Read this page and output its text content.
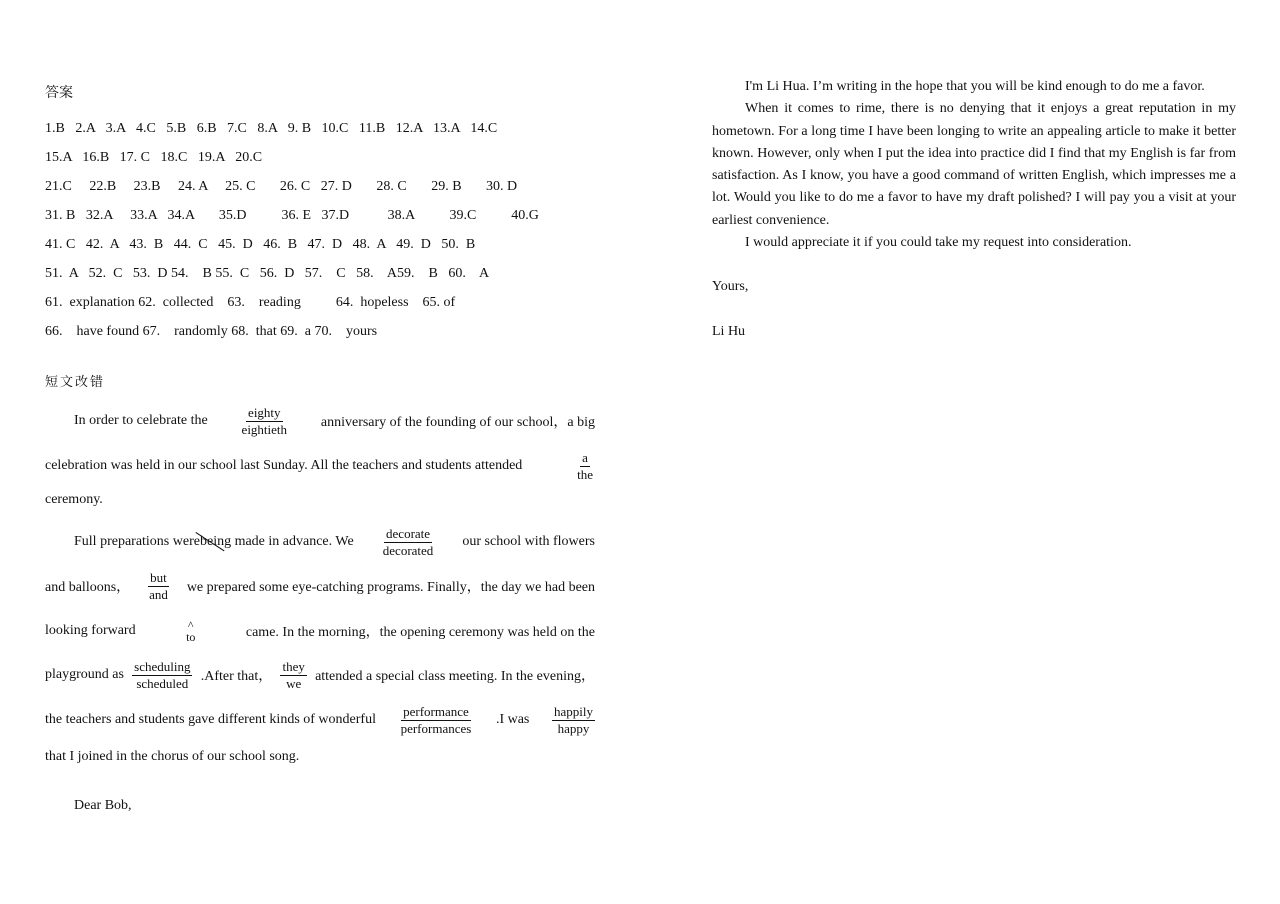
答案
1.B   2.A   3.A   4.C   5.B   6.B   7.C   8.A   9. B   10.C   11.B   12.A   13.A   14.C
15.A   16.B   17. C   18.C   19.A   20.C
21.C     22.B     23.B     24. A     25. C       26. C   27. D       28. C       29. B       30. D
31. B   32.A     33.A   34.A       35.D          36. E   37.D           38.A          39.C          40.G
41. C   42.  A   43.  B   44.  C   45.  D   46.  B   47.  D   48.  A   49.  D   50.  B
51.  A   52.  C   53.  D 54.    B 55.  C   56.  D   57.    C   58.    A59.    B   60.    A
61.  explanation 62.  collected    63.    reading          64.  hopeless    65. of
66.    have found 67.    randomly 68.  that 69.  a 70.    yours
短文改错
In order to celebrate the $\frac{\text{eighty}}{\text{eightieth}}$ anniversary of the founding of our school，a big
celebration was held in our school last Sunday. All the teachers and students attended	$\frac{a}{\text{the}}$
ceremony.
Full preparations werebeing made in advance. We $\frac{\text{decorate}}{\text{decorated}}$ our school with flowers
and balloons， $\frac{\text{but}}{\text{and}}$ we prepared some eye-catching programs. Finally，the day we had been
looking forward	^
to	came. In the morning，the opening ceremony was held on the
playground as $\frac{\text{scheduling}}{\text{scheduled}}$ .After that， $\frac{\text{they}}{we}$ attended a special class meeting. In the evening，
the teachers and students gave different kinds of wonderful $\frac{\text{performance}}{\text{performances}} .I$ was $\frac{\text{happily}}{\text{happy}}$
that I joined in the chorus of our school song.
Dear Bob,

I'm Li Hua. I’m writing in the hope that you will be kind enough to do me a favor.

When it comes to rime, there is no denying that it enjoys a great reputation in my hometown. For a long time I have been longing to write an appealing article to make it better known. However, only when I put the idea into practice did I find that my English is far from satisfaction. As I know, you have a good command of written English, which impresses me a lot. Would you like to do me a favor to have my draft polished? I will pay you a visit at your earliest convenience.

I would appreciate it if you could take my request into consideration.

Yours,

Li Hu
